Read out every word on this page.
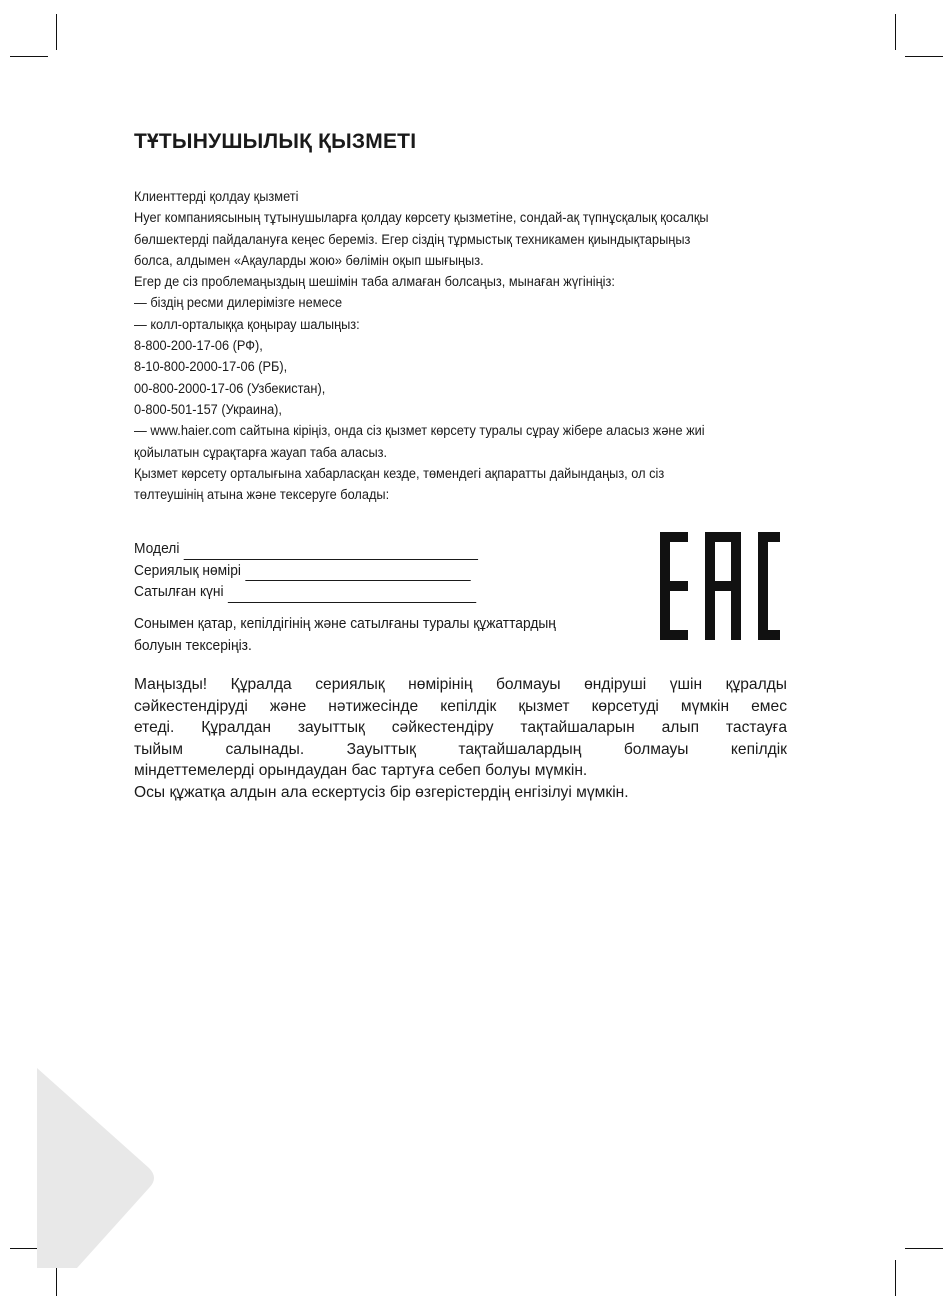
ТҰТЫНУШЫЛЫҚ ҚЫЗМЕТІ
Клиенттерді қолдау қызметі
Нуег компаниясының тұтынушыларға қолдау көрсету қызметіне, сондай-ақ түпнұсқалық қосалқы
бөлшектерді пайдалануға кеңес береміз. Егер сіздің тұрмыстық техникамен қиындықтарыңыз
болса, алдымен «Ақауларды жою» бөлімін оқып шығыңыз.
Егер де сіз проблемаңыздың шешімін таба алмаған болсаңыз, мынаған жүгініңіз:
— біздің ресми дилерімізге немесе
— колл-орталыққа қоңырау шалыңыз:
8-800-200-17-06 (РФ),
8-10-800-2000-17-06 (РБ),
00-800-2000-17-06 (Узбекистан),
0-800-501-157 (Украина),
— www.haier.com сайтына кіріңіз, онда сіз қызмет көрсету туралы сұрау жібере аласыз және жиі
қойылатын сұрақтарға жауап таба аласыз.
Қызмет көрсету орталығына хабарласқан кезде, төмендегі ақпаратты дайындаңыз, ол сіз
төлтеушінің атына және тексеруге болады:
Моделі
Сериялық нөмірі
Сатылған күні
Сонымен қатар, кепілдігінің және сатылғаны туралы құжаттардың
болуын тексеріңіз.
Маңызды! Құралда сериялық нөмірінің болмауы өндіруші үшін құралды
сәйкестендіруді және нәтижесінде кепілдік қызмет көрсетуді мүмкін емес
етеді. Құралдан зауыттық сәйкестендіру тақтайшаларын алып тастауға
тыйым салынады. Зауыттық тақтайшалардың болмауы кепілдік
міндеттемелерді орындаудан бас тартуға себеп болуы мүмкін.
Осы құжатқа алдын ала ескертусіз бір өзгерістердің енгізілуі мүмкін.
